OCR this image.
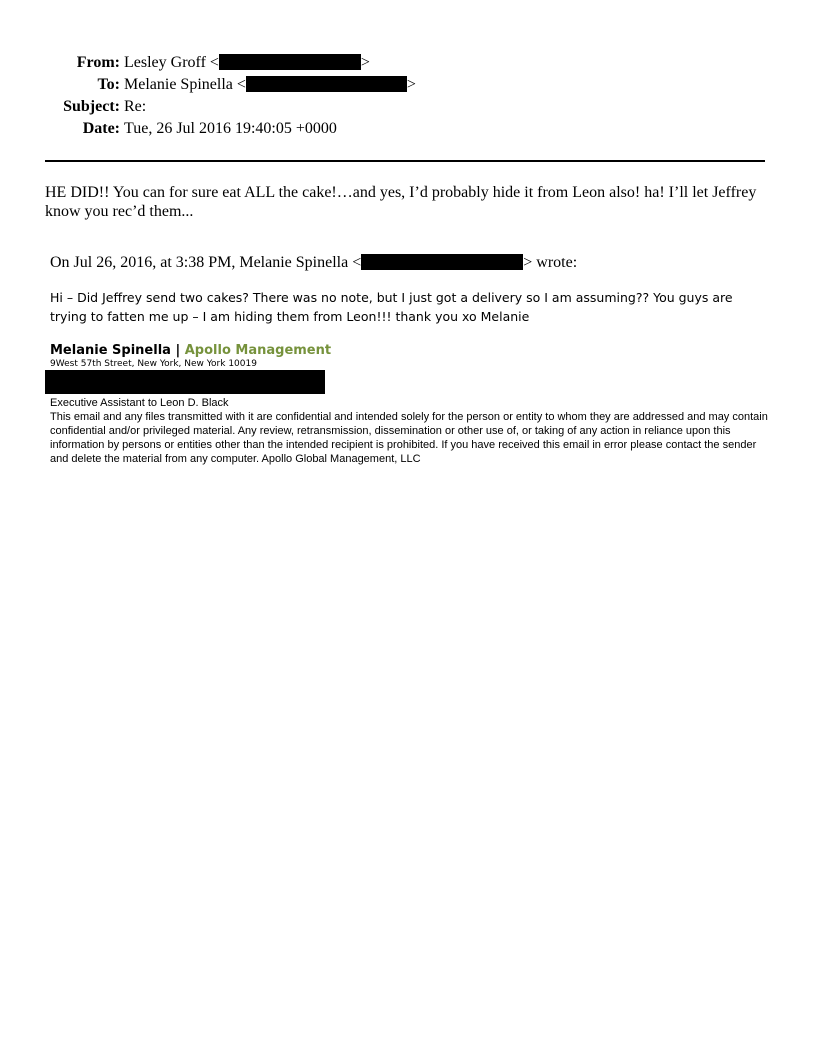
From: Lesley Groff <	>
To: Melanie Spinella <	>
Subject: Re:
Date: Tue, 26 Jul 2016 19:40:05 +0000
HE DID!! You can for sure eat ALL the cake!…and yes, I’d probably hide it from Leon also! ha! I’ll let Jeffrey know you rec’d them...
On Jul 26, 2016, at 3:38 PM, Melanie Spinella <	> wrote:
Hi – Did Jeffrey send two cakes? There was no note, but I just got a delivery so I am assuming?? You guys are trying to fatten me up – I am hiding them from Leon!!! thank you xo Melanie
Melanie Spinella | Apollo Management
9West 57th Street, New York, New York 10019
Executive Assistant to Leon D. Black
This email and any files transmitted with it are confidential and intended solely for the person or entity to whom they are addressed and may contain confidential and/or privileged material. Any review, retransmission, dissemination or other use of, or taking of any action in reliance upon this information by persons or entities other than the intended recipient is prohibited. If you have received this email in error please contact the sender and delete the material from any computer. Apollo Global Management, LLC
